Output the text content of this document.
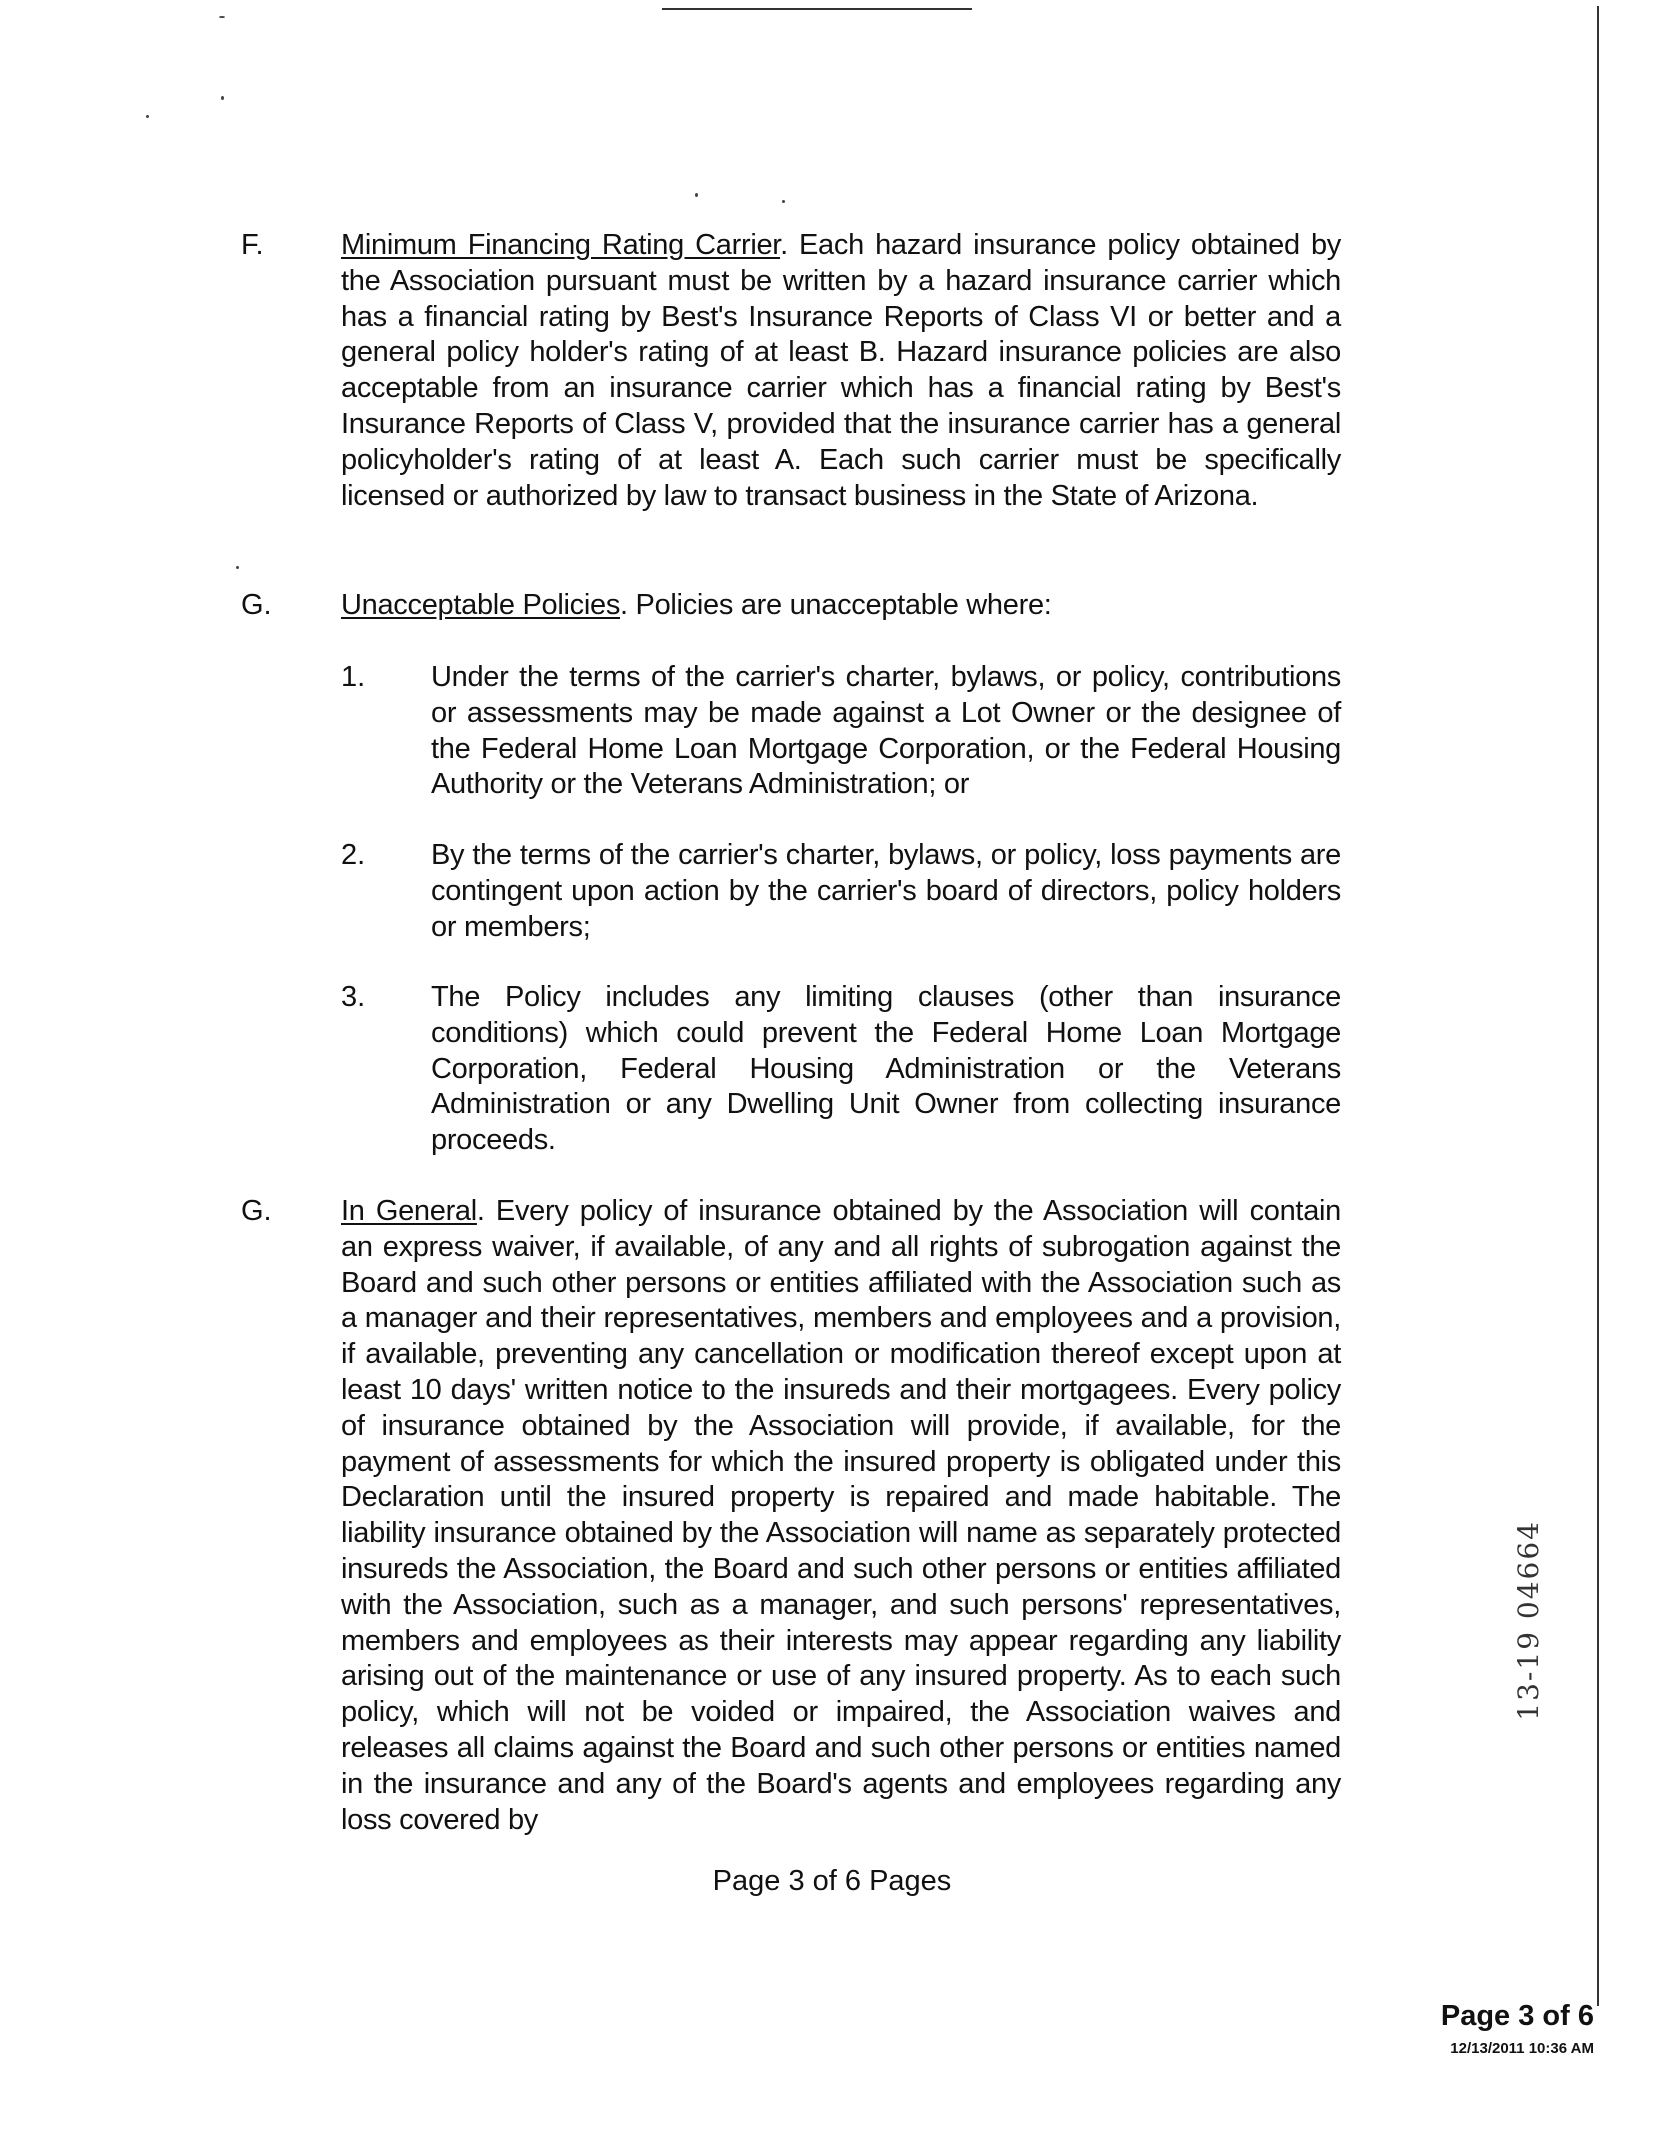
F.	Minimum Financing Rating Carrier. Each hazard insurance policy obtained by the Association pursuant must be written by a hazard insurance carrier which has a financial rating by Best's Insurance Reports of Class VI or better and a general policy holder's rating of at least B. Hazard insurance policies are also acceptable from an insurance carrier which has a financial rating by Best's Insurance Reports of Class V, provided that the insurance carrier has a general policyholder's rating of at least A. Each such carrier must be specifically licensed or authorized by law to transact business in the State of Arizona.

G. Unacceptable Policies. Policies are unacceptable where:

1. Under the terms of the carrier's charter, bylaws, or policy, contributions or assessments may be made against a Lot Owner or the designee of the Federal Home Loan Mortgage Corporation, or the Federal Housing Authority or the Veterans Administration; or

2. By the terms of the carrier's charter, bylaws, or policy, loss payments are contingent upon action by the carrier's board of directors, policy holders or members;

3. The Policy includes any limiting clauses (other than insurance conditions) which could prevent the Federal Home Loan Mortgage Corporation, Federal Housing Administration or the Veterans Administration or any Dwelling Unit Owner from collecting insurance proceeds.

G. In General. Every policy of insurance obtained by the Association will contain an express waiver, if available, of any and all rights of subrogation against the Board and such other persons or entities affiliated with the Association such as a manager and their representatives, members and employees and a provision, if available, preventing any cancellation or modification thereof except upon at least 10 days' written notice to the insureds and their mortgagees. Every policy of insurance obtained by the Association will provide, if available, for the payment of assessments for which the insured property is obligated under this Declaration until the insured property is repaired and made habitable. The liability insurance obtained by the Association will name as separately protected insureds the Association, the Board and such other persons or entities affiliated with the Association, such as a manager, and such persons' representatives, members and employees as their interests may appear regarding any liability arising out of the maintenance or use of any insured property. As to each such policy, which will not be voided or impaired, the Association waives and releases all claims against the Board and such other persons or entities named in the insurance and any of the Board's agents and employees regarding any loss covered by

Page 3 of 6 Pages
13-19 04664
Page 3 of 6
12/13/2011 10:36 AM
